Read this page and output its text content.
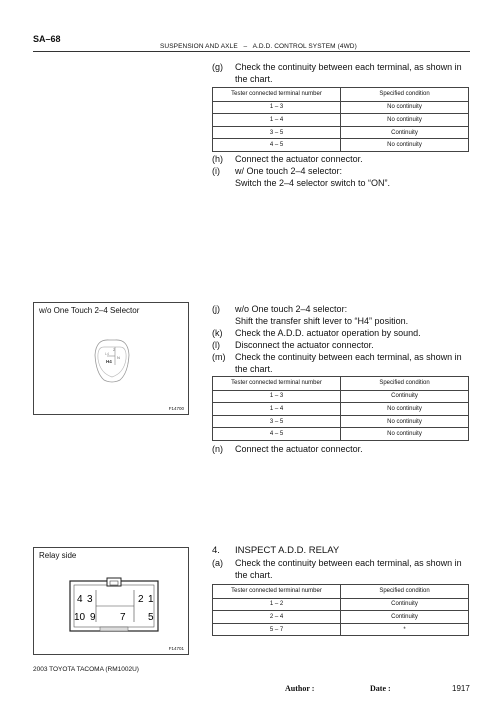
SA–68
SUSPENSION AND AXLE – A.D.D. CONTROL SYSTEM (4WD)
(g) Check the continuity between each terminal, as shown in
the chart.
Tester connected terminal number	Specified condition
1 – 3	No continuity
1 – 4	No continuity
3 – 5	Continuity
4 – 5	No continuity
(h) Connect the actuator connector.
(i) w/ One touch 2–4 selector:
Switch the 2–4 selector switch to “ON”.
w/o One Touch 2–4 Selector
2
H4
N
L4
F14700
(j) w/o One touch 2–4 selector:
Shift the transfer shift lever to “H4” position.
(k) Check the A.D.D. actuator operation by sound.
(l) Disconnect the actuator connector.
(m) Check the continuity between each terminal, as shown in
the chart.
Tester connected terminal number	Specified condition
1 – 3	Continuity
1 – 4	No continuity
3 – 5	No continuity
4 – 5	No continuity
(n) Connect the actuator connector.
Relay side
4 3	2 1
10 9 7 5
F14701
4. INSPECT A.D.D. RELAY
(a) Check the continuity between each terminal, as shown in
the chart.
Tester connected terminal number	Specified condition
1 – 2	Continuity
2 – 4	Continuity
5 – 7	*
2003 TOYOTA TACOMA (RM1002U)
Author :	Date :	1917
